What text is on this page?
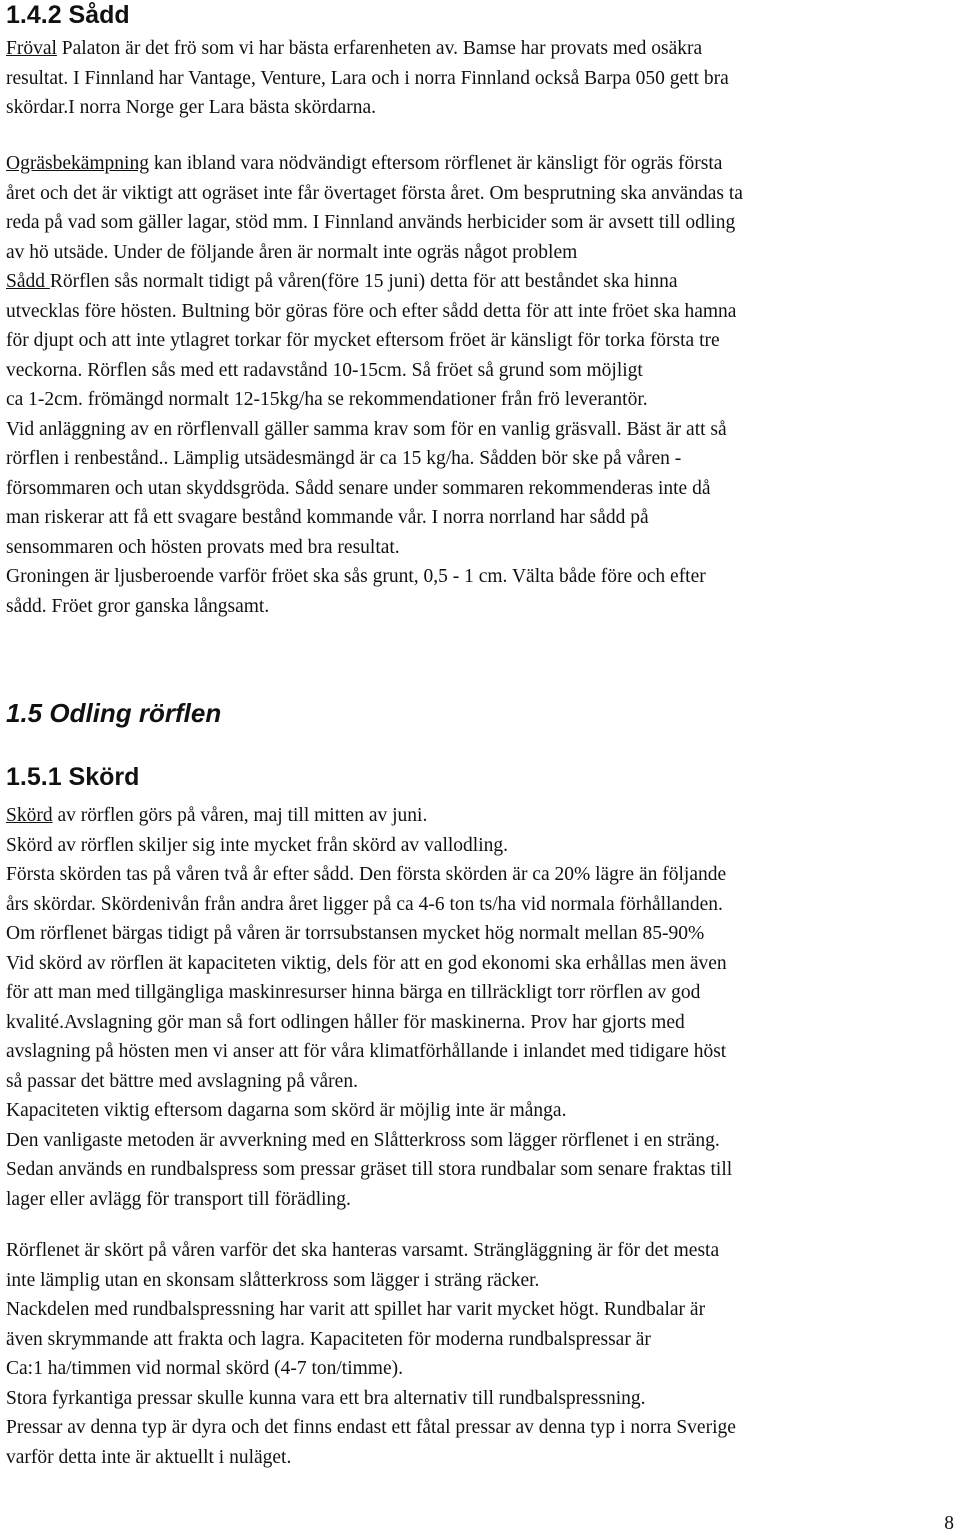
1.4.2 Sådd
Fröval Palaton är det frö som vi har bästa erfarenheten av. Bamse har provats med osäkra
resultat. I Finnland har Vantage, Venture, Lara och i norra Finnland också Barpa 050 gett bra
skördar.I norra Norge ger Lara bästa skördarna.
Ogräsbekämpning kan ibland vara nödvändigt eftersom rörflenet är känsligt för ogräs första
året och det är viktigt att ogräset inte får övertaget första året. Om besprutning ska användas ta
reda på vad som gäller lagar, stöd mm. I Finnland används herbicider som är avsett till odling
av hö utsäde. Under de följande åren är normalt inte ogräs något problem
Sådd Rörflen sås normalt tidigt på våren(före 15 juni) detta för att beståndet ska hinna
utvecklas före hösten. Bultning bör göras före och efter sådd detta för att inte fröet ska hamna
för djupt och att inte ytlagret torkar för mycket eftersom fröet är känsligt för torka första tre
veckorna. Rörflen sås med ett radavstånd 10-15cm. Så fröet så grund som möjligt
ca 1-2cm. frömängd normalt 12-15kg/ha se rekommendationer från frö leverantör.
Vid anläggning av en rörflenvall gäller samma krav som för en vanlig gräsvall. Bäst är att så
rörflen i renbestånd.. Lämplig utsädesmängd är ca 15 kg/ha. Sådden bör ske på våren -
försommaren och utan skyddsgröda. Sådd senare under sommaren rekommenderas inte då
man riskerar att få ett svagare bestånd kommande vår. I norra norrland har sådd på
sensommaren och hösten provats med bra resultat.
Groningen är ljusberoende varför fröet ska sås grunt, 0,5 - 1 cm. Välta både före och efter
sådd. Fröet gror ganska långsamt.
1.5 Odling rörflen
1.5.1 Skörd
Skörd av rörflen görs på våren, maj till mitten av juni.
Skörd av rörflen skiljer sig inte mycket från skörd av vallodling.
Första skörden tas på våren två år efter sådd. Den första skörden är ca 20% lägre än följande
års skördar. Skördenivån från andra året ligger på ca 4-6 ton ts/ha vid normala förhållanden.
Om rörflenet bärgas tidigt på våren är torrsubstansen mycket hög normalt mellan 85-90%
Vid skörd av rörflen ät kapaciteten viktig, dels för att en god ekonomi ska erhållas men även
för att man med tillgängliga maskinresurser hinna bärga en tillräckligt torr rörflen av god
kvalité.Avslagning gör man så fort odlingen håller för maskinerna. Prov har gjorts med
avslagning på hösten men vi anser att för våra klimatförhållande i inlandet med tidigare höst
så passar det bättre med avslagning på våren.
Kapaciteten viktig eftersom dagarna som skörd är möjlig inte är många.
Den vanligaste metoden är avverkning med en Slåtterkross som lägger rörflenet i en sträng.
Sedan används en rundbalspress som pressar gräset till stora rundbalar som senare fraktas till
lager eller avlägg för transport till förädling.
Rörflenet är skört på våren varför det ska hanteras varsamt. Strängläggning är för det mesta
inte lämplig utan en skonsam slåtterkross som lägger i sträng räcker.
Nackdelen med rundbalspressning har varit att spillet har varit mycket högt. Rundbalar är
även skrymmande att frakta och lagra. Kapaciteten för moderna rundbalspressar är
Ca:1 ha/timmen vid normal skörd (4-7 ton/timme).
Stora fyrkantiga pressar skulle kunna vara ett bra alternativ till rundbalspressning.
Pressar av denna typ är dyra och det finns endast ett fåtal pressar av denna typ i norra Sverige
varför detta inte är aktuellt i nuläget.
8
